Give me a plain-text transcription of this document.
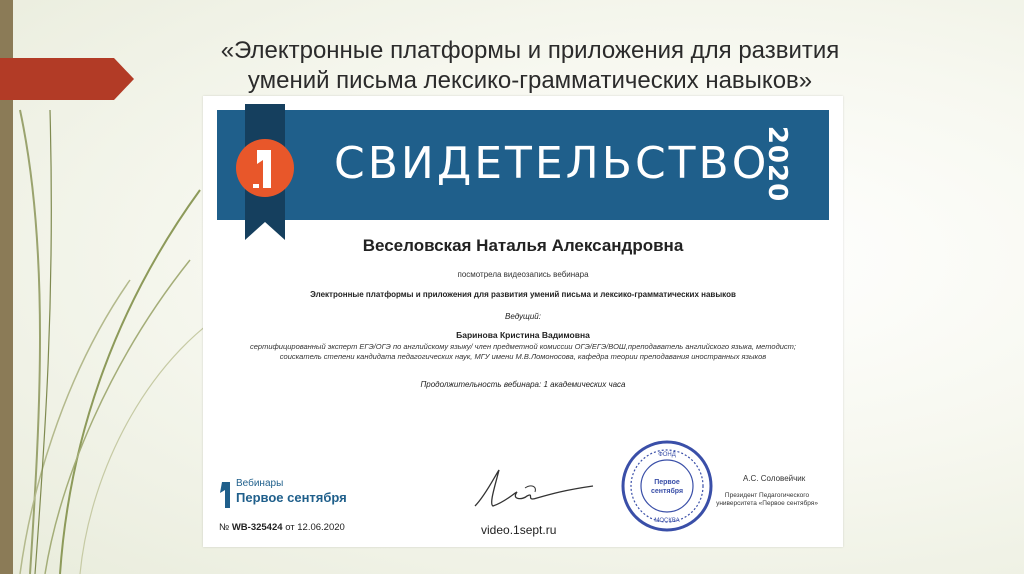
«Электронные платформы и приложения для развития
умений письма лексико-грамматических навыков»
СВИДЕТЕЛЬСТВО
2020
Веселовская Наталья Александровна
посмотрела видеозапись вебинара
Электронные платформы и приложения для развития умений письма и лексико-грамматических навыков
Ведущий:
Баринова Кристина Вадимовна
сертифицированный эксперт ЕГЭ/ОГЭ по английскому языку/ член предметной комиссии ОГЭ/ЕГЭ/ВОШ,преподаватель английского языка, методист; соискатель степени кандидата педагогических наук, МГУ имени М.В.Ломоносова, кафедра теории преподавания иностранных языков
Продолжительность вебинара: 1 академических часа
Вебинары
Первое сентября
№ WB-325424 от 12.06.2020	video.1sept.ru
Первое
сентября
МОСКВА
ФОНД
А.С. Соловейчик
Президент Педагогического университета «Первое сентября»
